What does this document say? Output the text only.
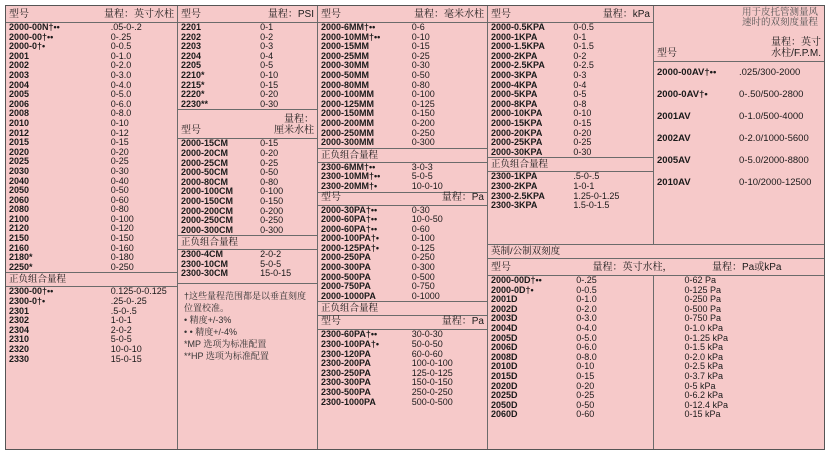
型号	量程：英寸水柱
2000-00N†••	.05-0-.2
2000-00†••	0-.25
2000-0†•	0-0.5
2001	0-1.0
2002	0-2.0
2003	0-3.0
2004	0-4.0
2005	0-5.0
2006	0-6.0
2008	0-8.0
2010	0-10
2012	0-12
2015	0-15
2020	0-20
2025	0-25
2030	0-30
2040	0-40
2050	0-50
2060	0-60
2080	0-80
2100	0-100
2120	0-120
2150	0-150
2160	0-160
2180*	0-180
2250*	0-250
正负组合量程
2300-00†••	0.125-0-0.125
2300-0†•	.25-0-.25
2301	.5-0-.5
2302	1-0-1
2304	2-0-2
2310	5-0-5
2320	10-0-10
2330	15-0-15
型号	量程：PSI
2201	0-1
2202	0-2
2203	0-3
2204	0-4
2205	0-5
2210*	0-10
2215*	0-15
2220*	0-20
2230**	0-30
型号
量程：
厘米水柱
2000-15CM	0-15
2000-20CM	0-20
2000-25CM	0-25
2000-50CM	0-50
2000-80CM	0-80
2000-100CM	0-100
2000-150CM	0-150
2000-200CM	0-200
2000-250CM	0-250
2000-300CM	0-300
正负组合量程
2300-4CM	2-0-2
2300-10CM	5-0-5
2300-30CM	15-0-15
†这些量程范围都是以垂直刻度位置校准。
• 精度+/-3%
• • 精度+/-4%
*MP 选项为标准配置
**HP 选项为标准配置
型号	量程：毫米水柱
2000-6MM†••	0-6
2000-10MM†••	0-10
2000-15MM	0-15
2000-25MM	0-25
2000-30MM	0-30
2000-50MM	0-50
2000-80MM	0-80
2000-100MM	0-100
2000-125MM	0-125
2000-150MM	0-150
2000-200MM	0-200
2000-250MM	0-250
2000-300MM	0-300
正负组合量程
2300-6MM†••	3-0-3
2300-10MM†••	5-0-5
2300-20MM†•	10-0-10
型号	量程：Pa
2000-30PA†••	0-30
2000-60PA†••	10-0-50
2000-60PA†••	0-60
2000-100PA†•	0-100
2000-125PA†•	0-125
2000-250PA	0-250
2000-300PA	0-300
2000-500PA	0-500
2000-750PA	0-750
2000-1000PA	0-1000
正负组合量程
型号	量程：Pa
2300-60PA†••	30-0-30
2300-100PA†•	50-0-50
2300-120PA	60-0-60
2300-200PA	100-0-100
2300-250PA	125-0-125
2300-300PA	150-0-150
2300-500PA	250-0-250
2300-1000PA	500-0-500
型号	量程：kPa
2000-0.5KPA	0-0.5
2000-1KPA	0-1
2000-1.5KPA	0-1.5
2000-2KPA	0-2
2000-2.5KPA	0-2.5
2000-3KPA	0-3
2000-4KPA	0-4
2000-5KPA	0-5
2000-8KPA	0-8
2000-10KPA	0-10
2000-15KPA	0-15
2000-20KPA	0-20
2000-25KPA	0-25
2000-30KPA	0-30
正负组合量程
2300-1KPA	.5-0-.5
2300-2KPA	1-0-1
2300-2.5KPA	1.25-0-1.25
2300-3KPA	1.5-0-1.5
用于皮托管测量风
速时的双刻度量程
型号
量程：英寸
水柱/F.P.M.
2000-00AV†••	.025/300-2000
2000-0AV†•	0-.50/500-2800
2001AV	0-1.0/500-4000
2002AV	0-2.0/1000-5600
2005AV	0-5.0/2000-8800
2010AV	0-10/2000-12500
英制/公制双刻度
型号	量程：英寸水柱，	量程：Pa或kPa
2000-00D†••	0-.25	0-62 Pa
2000-0D†•	0-0.5	0-125 Pa
2001D	0-1.0	0-250 Pa
2002D	0-2.0	0-500 Pa
2003D	0-3.0	0-750 Pa
2004D	0-4.0	0-1.0 kPa
2005D	0-5.0	0-1.25 kPa
2006D	0-6.0	0-1.5 kPa
2008D	0-8.0	0-2.0 kPa
2010D	0-10	0-2.5 kPa
2015D	0-15	0-3.7 kPa
2020D	0-20	0-5 kPa
2025D	0-25	0-6.2 kPa
2050D	0-50	0-12.4 kPa
2060D	0-60	0-15 kPa
